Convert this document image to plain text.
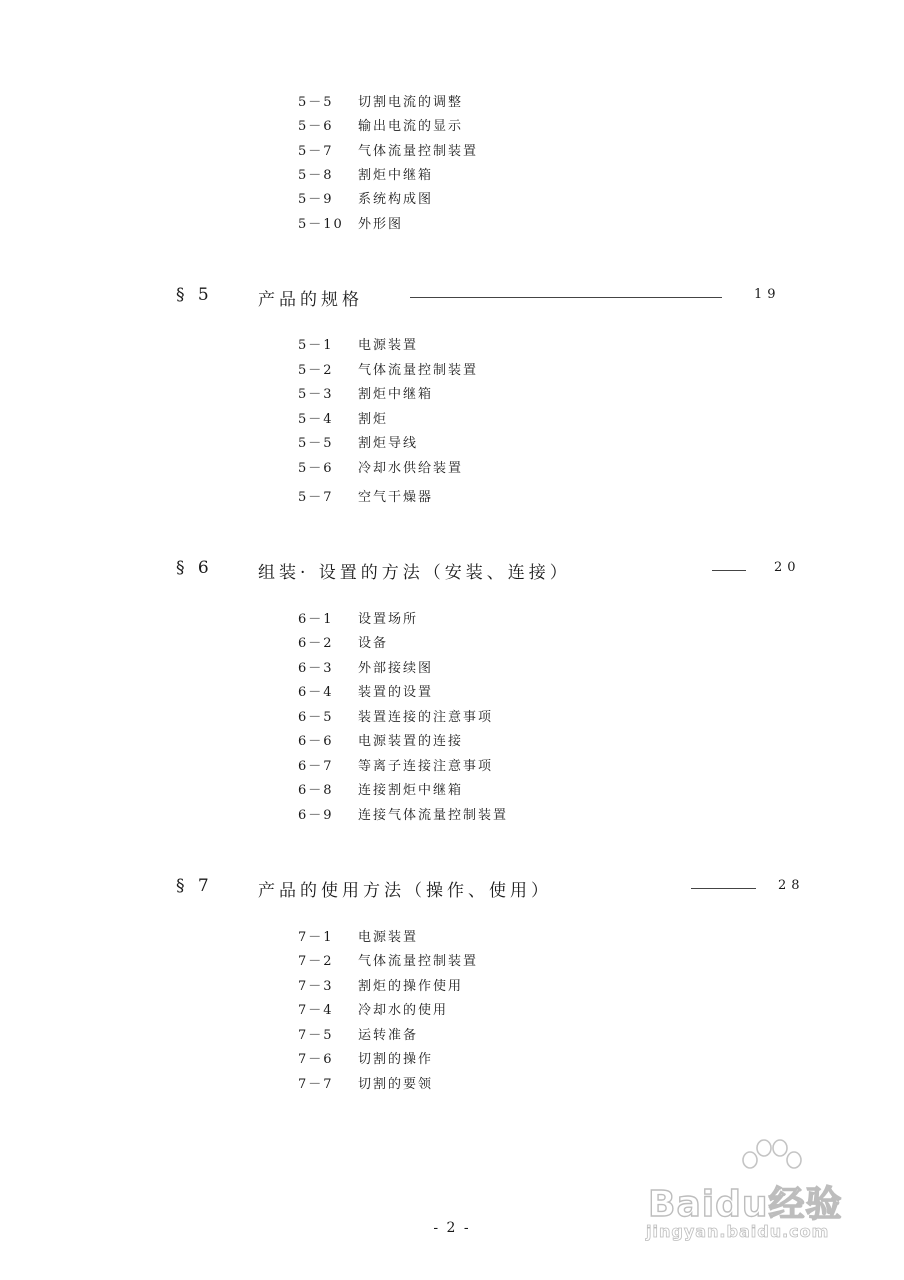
5－5	切割电流的调整
5－6	输出电流的显示
5－7	气体流量控制装置
5－8	割炬中继箱
5－9	系统构成图
5－10	外形图
§ 5	产品的规格	19
5－1	电源装置
5－2	气体流量控制装置
5－3	割炬中继箱
5－4	割炬
5－5	割炬导线
5－6	冷却水供给装置
5－7	空气干燥器
§ 6	组装· 设置的方法（安装、连接）	20
6－1	设置场所
6－2	设备
6－3	外部接续图
6－4	装置的设置
6－5	装置连接的注意事项
6－6	电源装置的连接
6－7	等离子连接注意事项
6－8	连接割炬中继箱
6－9	连接气体流量控制装置
§ 7	产品的使用方法（操作、使用）	28
7－1	电源装置
7－2	气体流量控制装置
7－3	割炬的操作使用
7－4	冷却水的使用
7－5	运转准备
7－6	切割的操作
7－7	切割的要领
Baidu经验
jingyan.baidu.com
- 2 -
